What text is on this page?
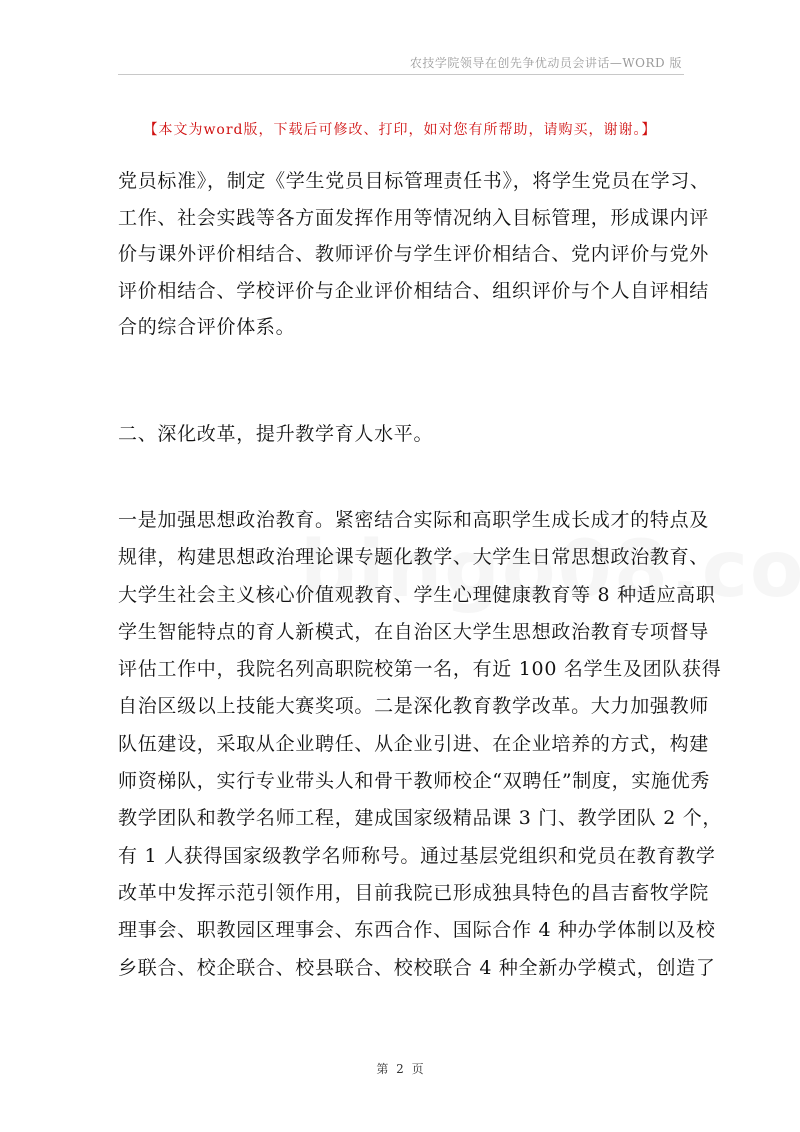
农技学院领导在创先争优动员会讲话—WORD 版
【本文为word版，下载后可修改、打印，如对您有所帮助，请购买，谢谢。】
党员标准》，制定《学生党员目标管理责任书》，将学生党员在学习、
工作、社会实践等各方面发挥作用等情况纳入目标管理，形成课内评
价与课外评价相结合、教师评价与学生评价相结合、党内评价与党外
评价相结合、学校评价与企业评价相结合、组织评价与个人自评相结
合的综合评价体系。
二、深化改革，提升教学育人水平。
一是加强思想政治教育。紧密结合实际和高职学生成长成才的特点及
规律，构建思想政治理论课专题化教学、大学生日常思想政治教育、
大学生社会主义核心价值观教育、学生心理健康教育等 8 种适应高职
学生智能特点的育人新模式，在自治区大学生思想政治教育专项督导
评估工作中，我院名列高职院校第一名，有近 100 名学生及团队获得
自治区级以上技能大赛奖项。二是深化教育教学改革。大力加强教师
队伍建设，采取从企业聘任、从企业引进、在企业培养的方式，构建
师资梯队，实行专业带头人和骨干教师校企“双聘任”制度，实施优秀
教学团队和教学名师工程，建成国家级精品课 3 门、教学团队 2 个，
有 1 人获得国家级教学名师称号。通过基层党组织和党员在教育教学
改革中发挥示范引领作用，目前我院已形成独具特色的昌吉畜牧学院
理事会、职教园区理事会、东西合作、国际合作 4 种办学体制以及校
乡联合、校企联合、校县联合、校校联合 4 种全新办学模式，创造了
第 2 页
